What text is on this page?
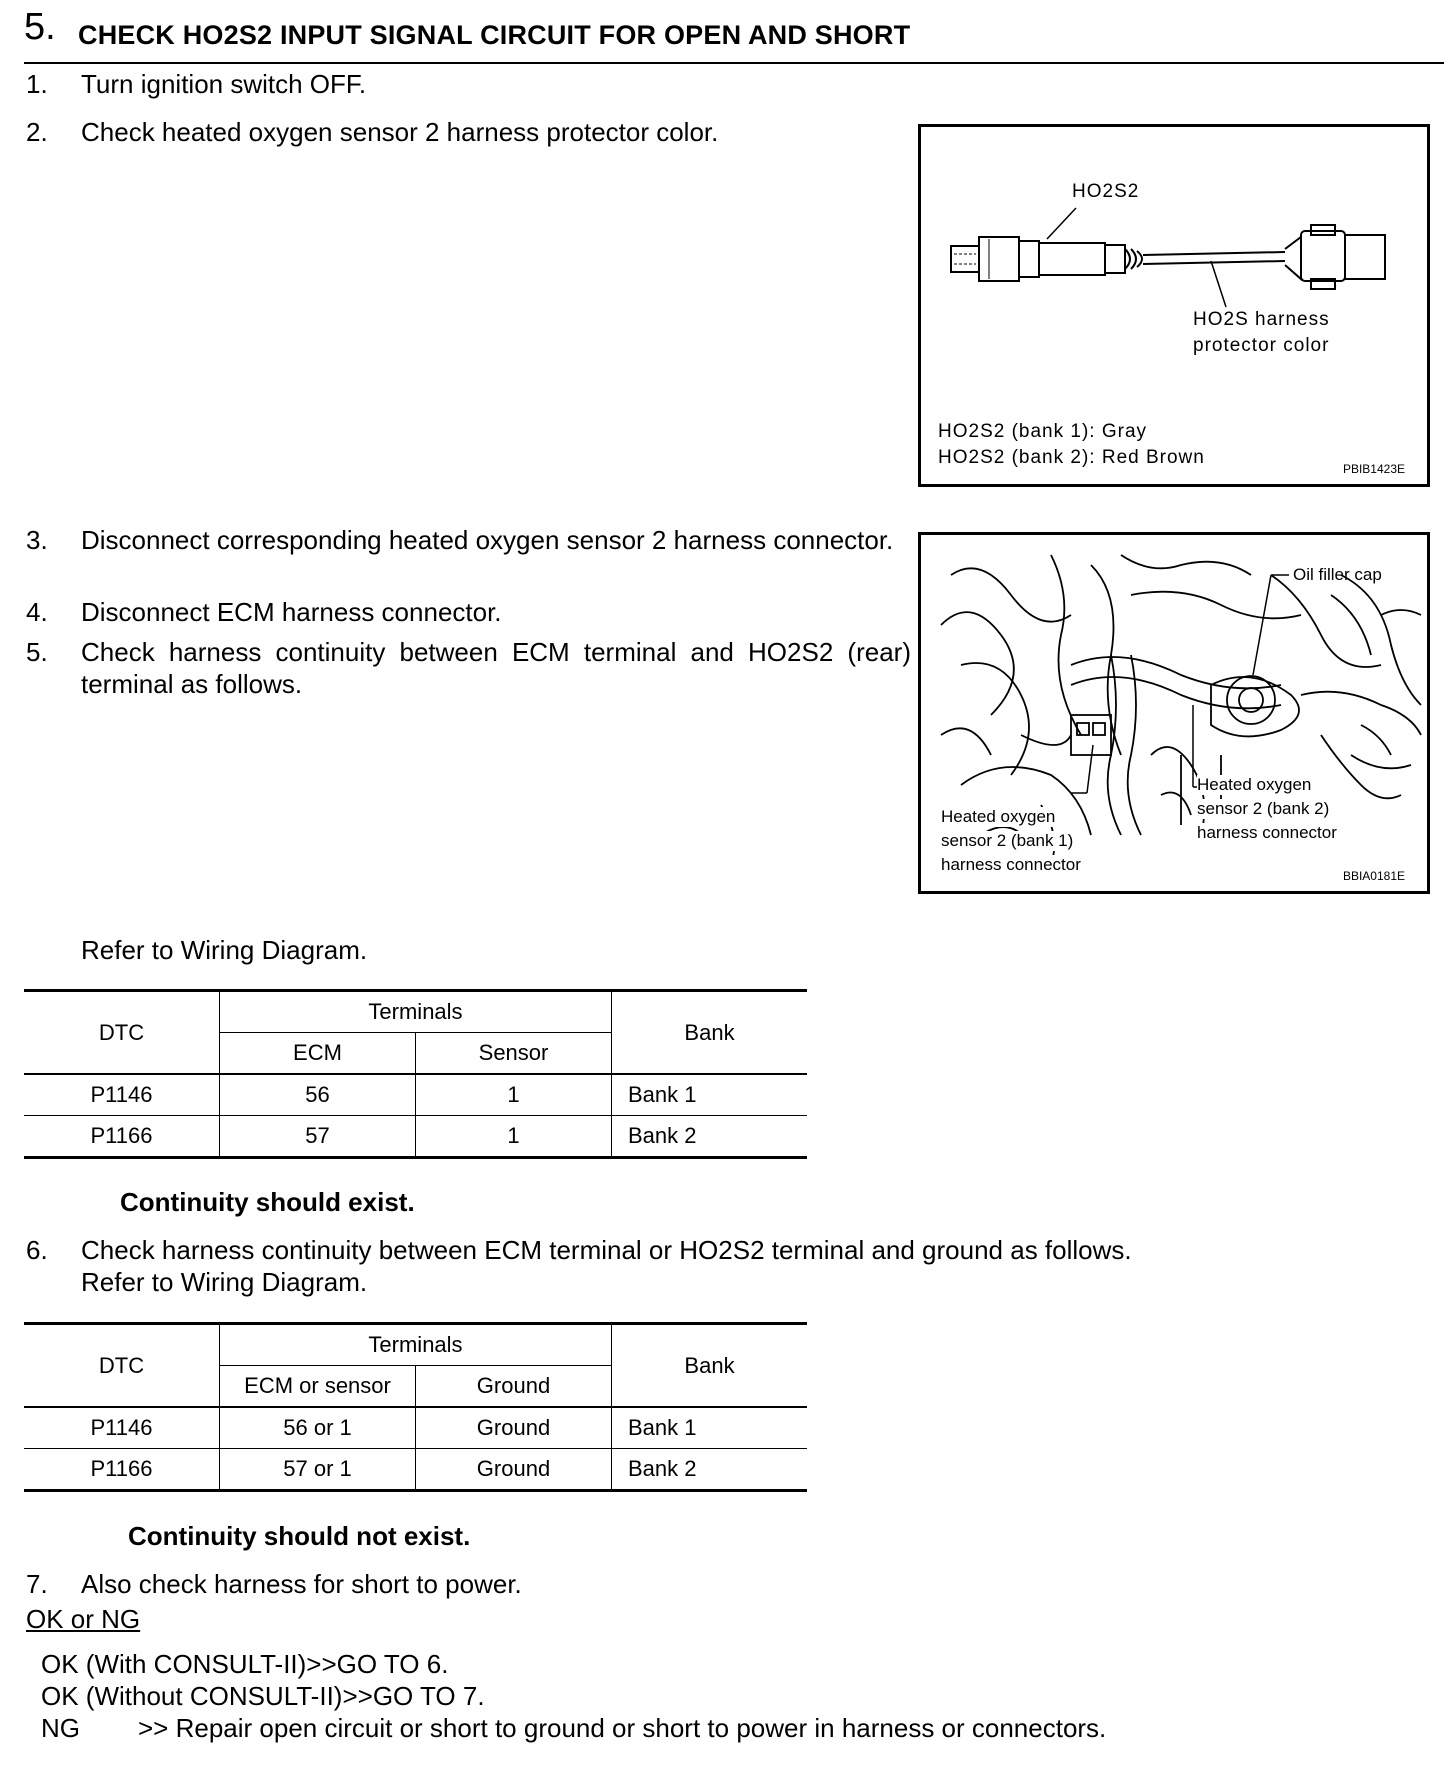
5. CHECK HO2S2 INPUT SIGNAL CIRCUIT FOR OPEN AND SHORT
1. Turn ignition switch OFF.
2. Check heated oxygen sensor 2 harness protector color.
HO2S2
HO2S harness
protector color
HO2S2 (bank 1): Gray
HO2S2 (bank 2): Red Brown
PBIB1423E
3. Disconnect corresponding heated oxygen sensor 2 harness connector.
4. Disconnect ECM harness connector.
5. Check harness continuity between ECM terminal and HO2S2 (rear) terminal as follows.
Oil filler cap
Heated oxygen
sensor 2 (bank 2)
harness connector
Heated oxygen
sensor 2 (bank 1)
harness connector
BBIA0181E
Refer to Wiring Diagram.
DTC	Terminals		Bank
	ECM	Sensor	
P1146	56	1	Bank 1
P1166	57	1	Bank 2
Continuity should exist.
6. Check harness continuity between ECM terminal or HO2S2 terminal and ground as follows.
Refer to Wiring Diagram.
DTC	Terminals		Bank
	ECM or sensor	Ground	
P1146	56 or 1	Ground	Bank 1
P1166	57 or 1	Ground	Bank 2
Continuity should not exist.
7. Also check harness for short to power.
OK or NG
OK (With CONSULT-II)>>GO TO 6.
OK (Without CONSULT-II)>>GO TO 7.
NG >> Repair open circuit or short to ground or short to power in harness or connectors.
